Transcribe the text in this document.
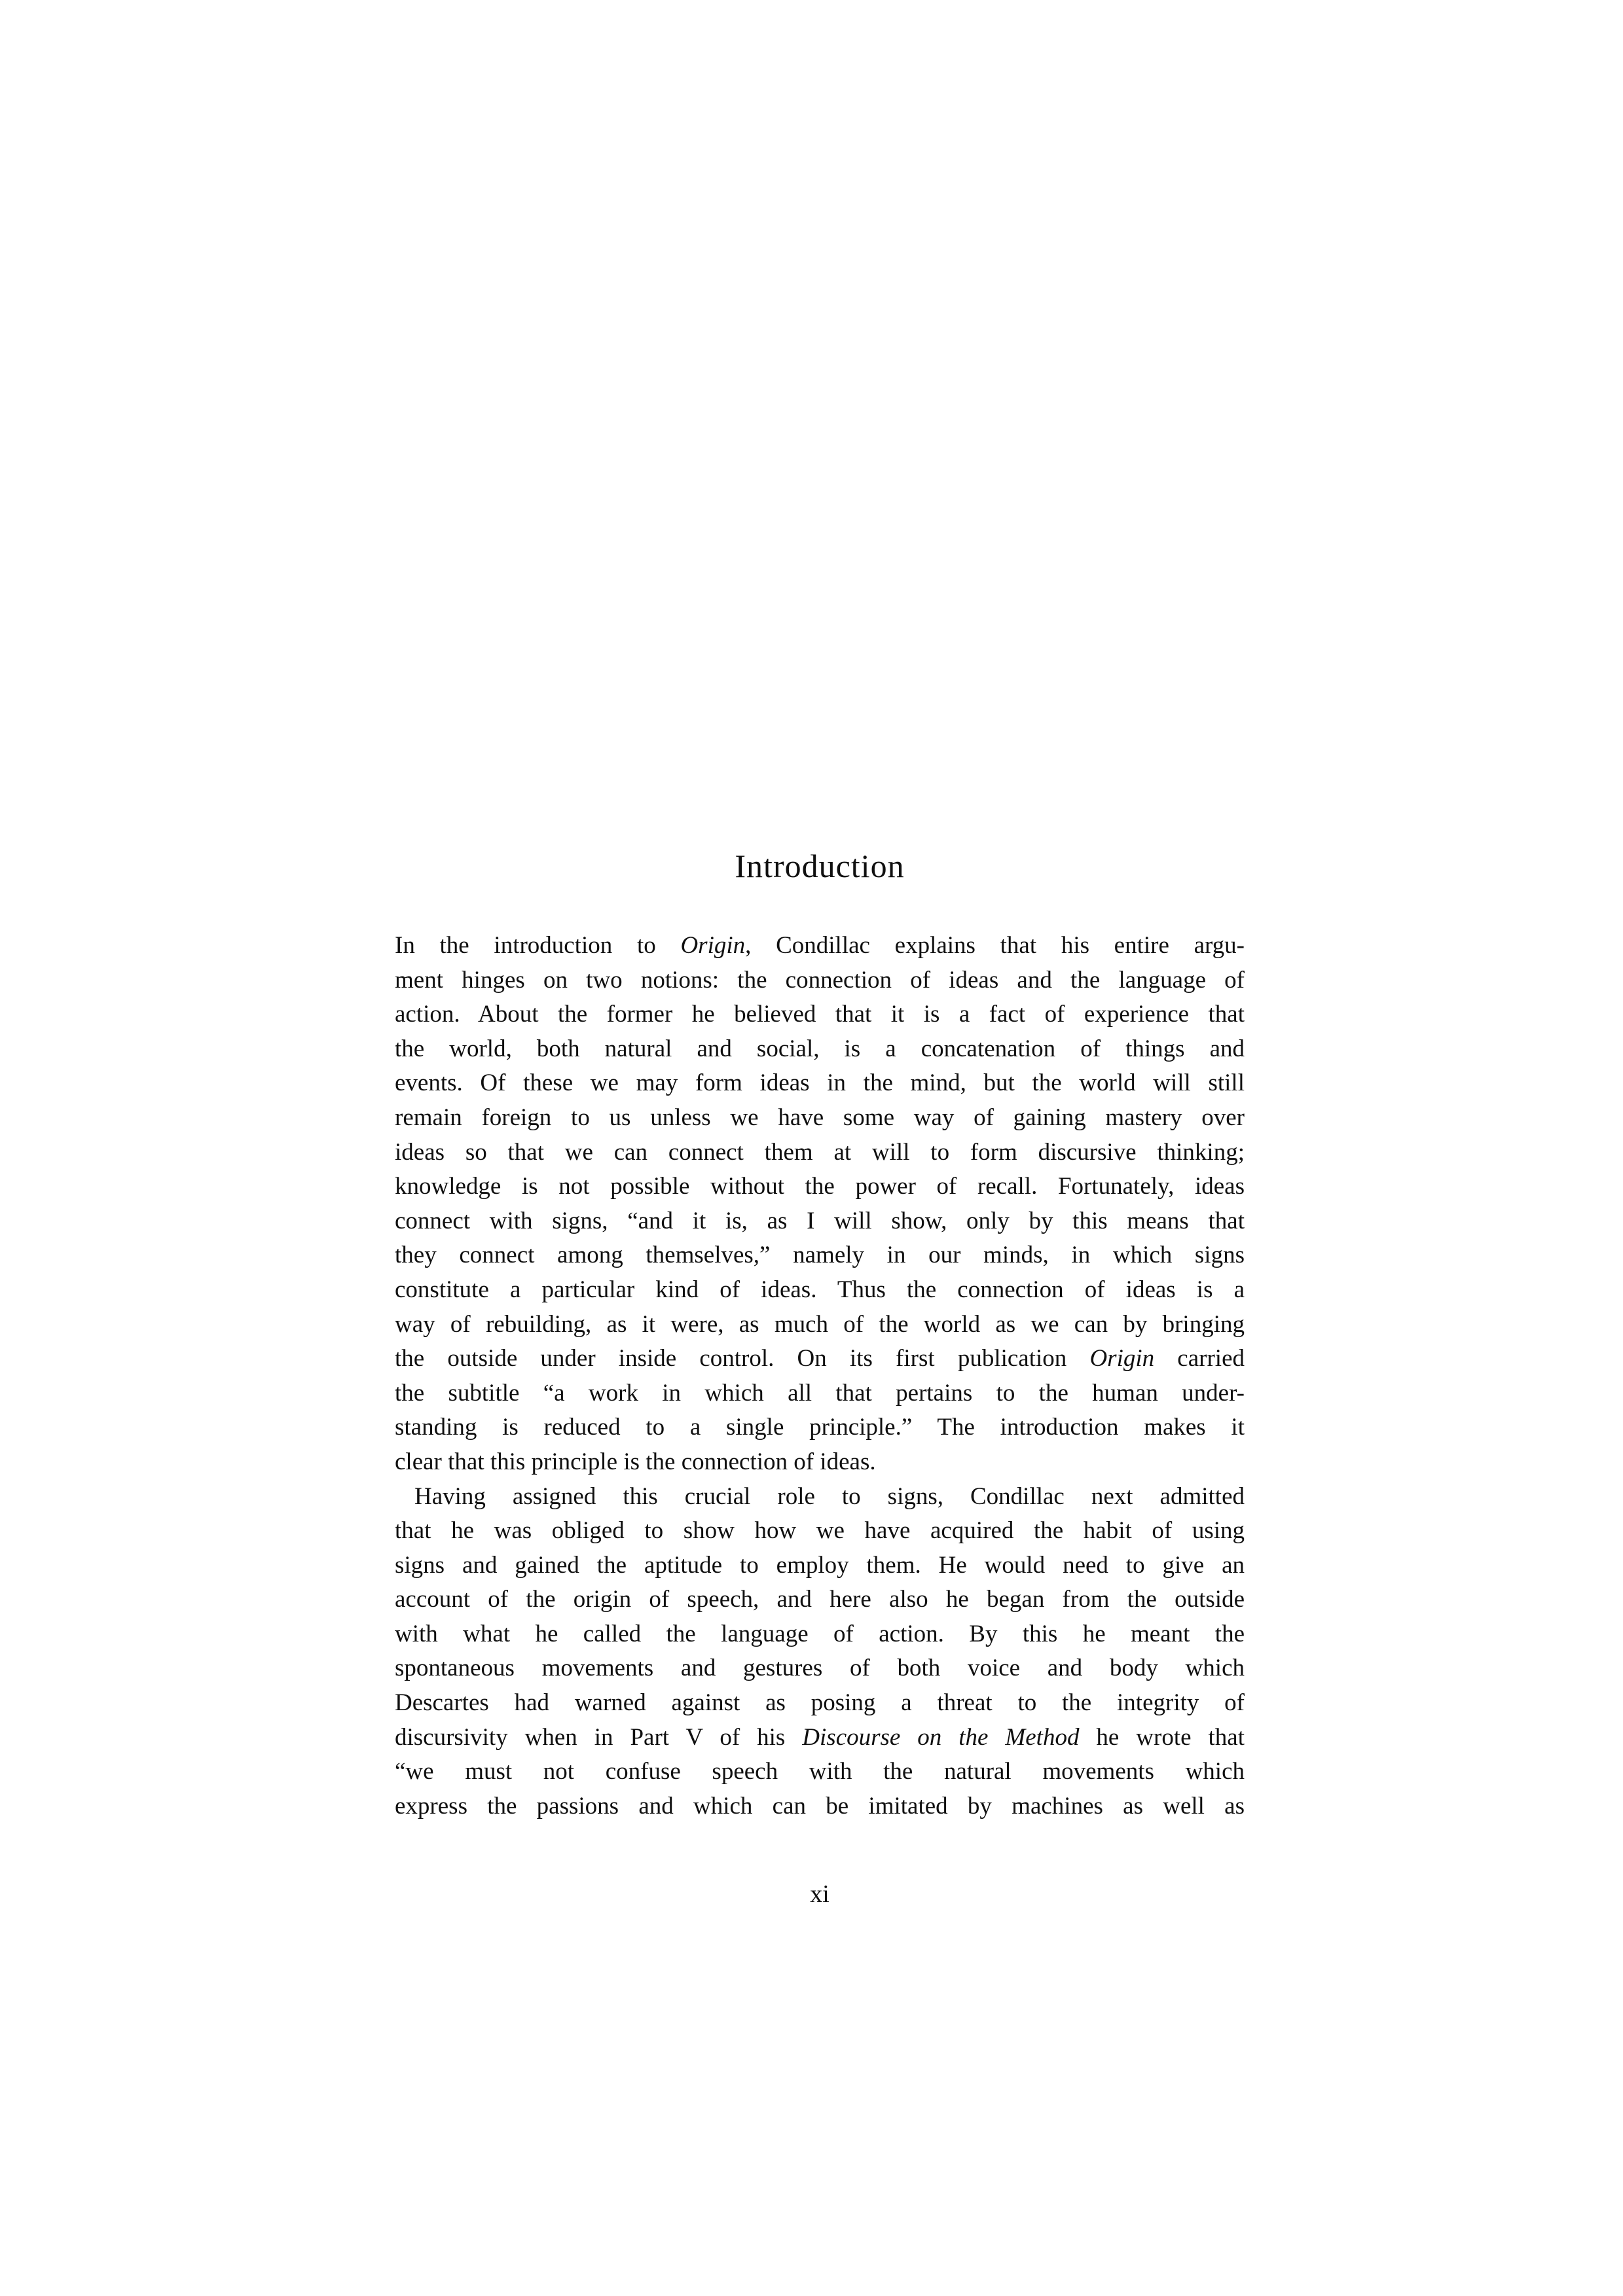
Introduction
In the introduction to Origin, Condillac explains that his entire argu-
ment hinges on two notions: the connection of ideas and the language of
action. About the former he believed that it is a fact of experience that
the world, both natural and social, is a concatenation of things and
events. Of these we may form ideas in the mind, but the world will still
remain foreign to us unless we have some way of gaining mastery over
ideas so that we can connect them at will to form discursive thinking;
knowledge is not possible without the power of recall. Fortunately, ideas
connect with signs, “and it is, as I will show, only by this means that
they connect among themselves,” namely in our minds, in which signs
constitute a particular kind of ideas. Thus the connection of ideas is a
way of rebuilding, as it were, as much of the world as we can by bringing
the outside under inside control. On its first publication Origin carried
the subtitle “a work in which all that pertains to the human under-
standing is reduced to a single principle.” The introduction makes it
clear that this principle is the connection of ideas.
Having assigned this crucial role to signs, Condillac next admitted
that he was obliged to show how we have acquired the habit of using
signs and gained the aptitude to employ them. He would need to give an
account of the origin of speech, and here also he began from the outside
with what he called the language of action. By this he meant the
spontaneous movements and gestures of both voice and body which
Descartes had warned against as posing a threat to the integrity of
discursivity when in Part V of his Discourse on the Method he wrote that
“we must not confuse speech with the natural movements which
express the passions and which can be imitated by machines as well as
xi
